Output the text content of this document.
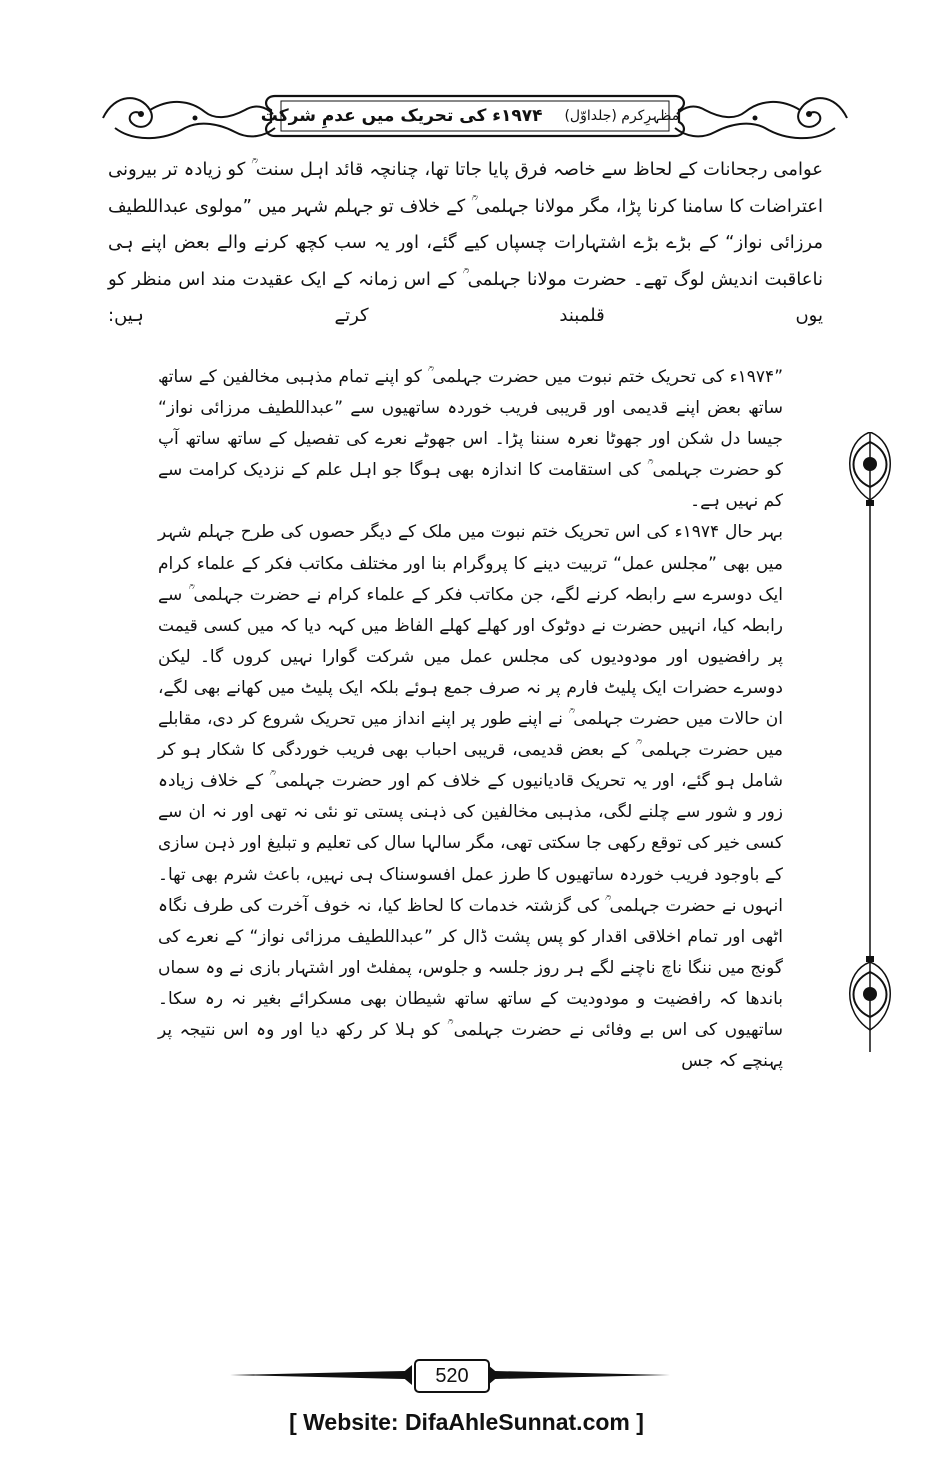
مظہرِکرم (جلداوّل)
۱۹۷۴ء کی تحریک میں عدمِ شرکت

عوامی رجحانات کے لحاظ سے خاصہ فرق پایا جاتا تھا، چنانچہ قائد اہل سنت ؒ کو زیادہ تر بیرونی اعتراضات کا سامنا کرنا پڑا، مگر مولانا جہلمی ؒ کے خلاف تو جہلم شہر میں ”مولوی عبداللطیف مرزائی نواز“ کے بڑے بڑے اشتہارات چسپاں کیے گئے، اور یہ سب کچھ کرنے والے بعض اپنے ہی ناعاقبت اندیش لوگ تھے۔ حضرت مولانا جہلمی ؒ کے اس زمانہ کے ایک عقیدت مند اس منظر کو یوں قلمبند کرتے ہیں:

”۱۹۷۴ء کی تحریک ختم نبوت میں حضرت جہلمی ؒ کو اپنے تمام مذہبی مخالفین کے ساتھ ساتھ بعض اپنے قدیمی اور قریبی فریب خوردہ ساتھیوں سے ”عبداللطیف مرزائی نواز“ جیسا دل شکن اور جھوٹا نعرہ سننا پڑا۔ اس جھوٹے نعرے کی تفصیل کے ساتھ ساتھ آپ کو حضرت جہلمی ؒ کی استقامت کا اندازہ بھی ہوگا جو اہل علم کے نزدیک کرامت سے کم نہیں ہے۔

بہر حال ۱۹۷۴ء کی اس تحریک ختم نبوت میں ملک کے دیگر حصوں کی طرح جہلم شہر میں بھی ”مجلس عمل“ تربیت دینے کا پروگرام بنا اور مختلف مکاتب فکر کے علماء کرام ایک دوسرے سے رابطہ کرنے لگے، جن مکاتب فکر کے علماء کرام نے حضرت جہلمی ؒ سے رابطہ کیا، انہیں حضرت نے دوٹوک اور کھلے کھلے الفاظ میں کہہ دیا کہ میں کسی قیمت پر رافضیوں اور مودودیوں کی مجلس عمل میں شرکت گوارا نہیں کروں گا۔ لیکن دوسرے حضرات ایک پلیٹ فارم پر نہ صرف جمع ہوئے بلکہ ایک پلیٹ میں کھانے بھی لگے، ان حالات میں حضرت جہلمی ؒ نے اپنے طور پر اپنے انداز میں تحریک شروع کر دی، مقابلے میں حضرت جہلمی ؒ کے بعض قدیمی، قریبی احباب بھی فریب خوردگی کا شکار ہو کر شامل ہو گئے، اور یہ تحریک قادیانیوں کے خلاف کم اور حضرت جہلمی ؒ کے خلاف زیادہ زور و شور سے چلنے لگی، مذہبی مخالفین کی ذہنی پستی تو نئی نہ تھی اور نہ ان سے کسی خیر کی توقع رکھی جا سکتی تھی، مگر سالہا سال کی تعلیم و تبلیغ اور ذہن سازی کے باوجود فریب خوردہ ساتھیوں کا طرز عمل افسوسناک ہی نہیں، باعث شرم بھی تھا۔ انہوں نے حضرت جہلمی ؒ کی گزشتہ خدمات کا لحاظ کیا، نہ خوف آخرت کی طرف نگاہ اٹھی اور تمام اخلاقی اقدار کو پس پشت ڈال کر ”عبداللطیف مرزائی نواز“ کے نعرے کی گونج میں ننگا ناچ ناچنے لگے ہر روز جلسہ و جلوس، پمفلٹ اور اشتہار بازی نے وہ سماں باندھا کہ رافضیت و مودودیت کے ساتھ ساتھ شیطان بھی مسکرائے بغیر نہ رہ سکا۔ ساتھیوں کی اس بے وفائی نے حضرت جہلمی ؒ کو ہلا کر رکھ دیا اور وہ اس نتیجہ پر پہنچے کہ جس

520
[ Website: DifaAhleSunnat.com ]
